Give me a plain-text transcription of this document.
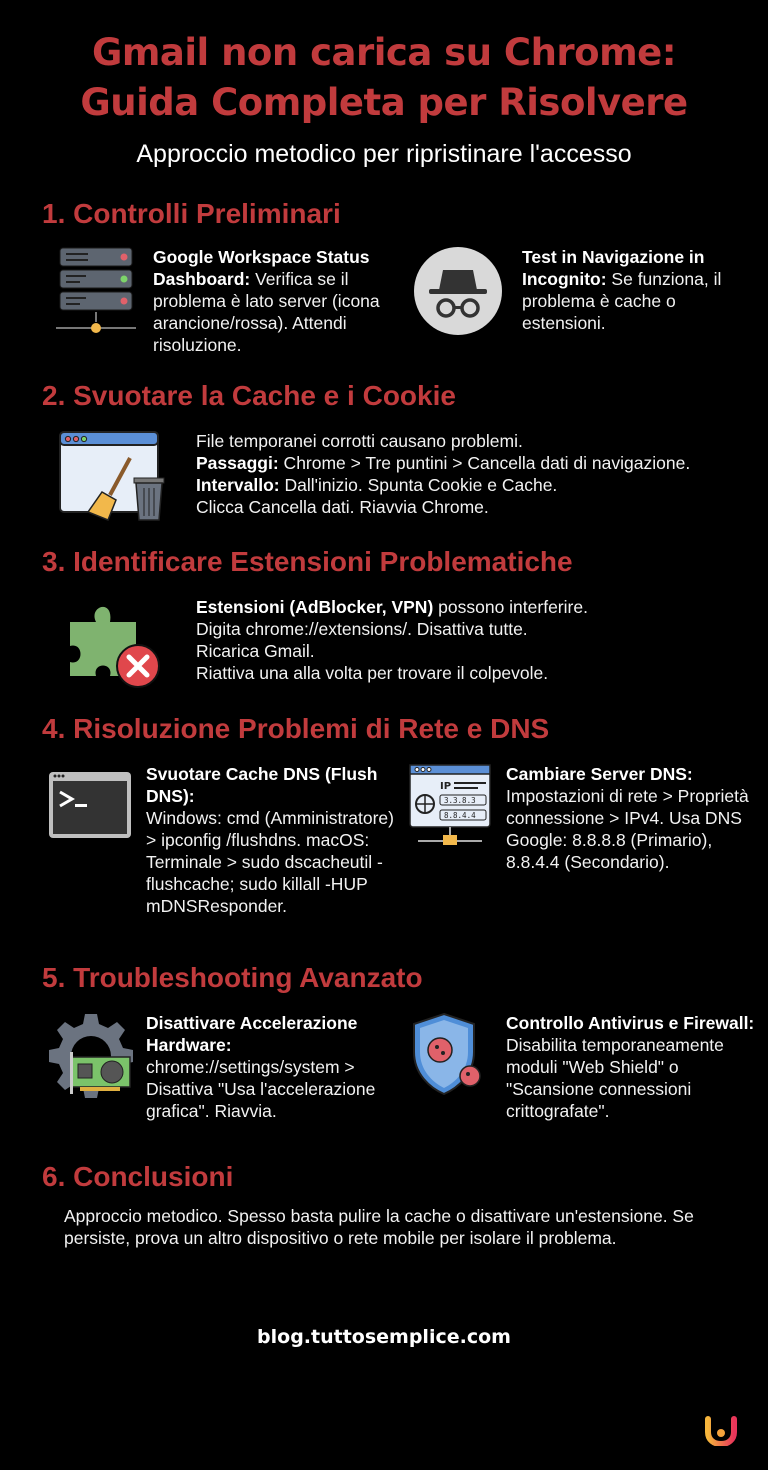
Gmail non carica su Chrome:
Guida Completa per Risolvere
Approccio metodico per ripristinare l'accesso
1. Controlli Preliminari
Google Workspace Status Dashboard: Verifica se il problema è lato server (icona arancione/rossa). Attendi risoluzione.
Test in Navigazione in Incognito: Se funziona, il problema è cache o estensioni.
2. Svuotare la Cache e i Cookie
File temporanei corrotti causano problemi.
Passaggi: Chrome > Tre puntini > Cancella dati di navigazione.
Intervallo: Dall'inizio. Spunta Cookie e Cache.
Clicca Cancella dati. Riavvia Chrome.
3. Identificare Estensioni Problematiche
Estensioni (AdBlocker, VPN) possono interferire.
Digita chrome://extensions/. Disattiva tutte.
Ricarica Gmail.
Riattiva una alla volta per trovare il colpevole.
4. Risoluzione Problemi di Rete e DNS
Svuotare Cache DNS (Flush DNS):
Windows: cmd (Amministratore) > ipconfig /flushdns. macOS: Terminale > sudo dscacheutil -flushcache; sudo killall -HUP mDNSResponder.
IP
3.3.8.3
8.8.4.4
Cambiare Server DNS:
Impostazioni di rete > Proprietà connessione > IPv4. Usa DNS Google: 8.8.8.8 (Primario), 8.8.4.4 (Secondario).
5. Troubleshooting Avanzato
Disattivare Accelerazione Hardware:
chrome://settings/system > Disattiva "Usa l'accelerazione grafica". Riavvia.
Controllo Antivirus e Firewall:
Disabilita temporaneamente moduli "Web Shield" o "Scansione connessioni crittografate".
6. Conclusioni
Approccio metodico. Spesso basta pulire la cache o disattivare un'estensione. Se persiste, prova un altro dispositivo o rete mobile per isolare il problema.
blog.tuttosemplice.com
